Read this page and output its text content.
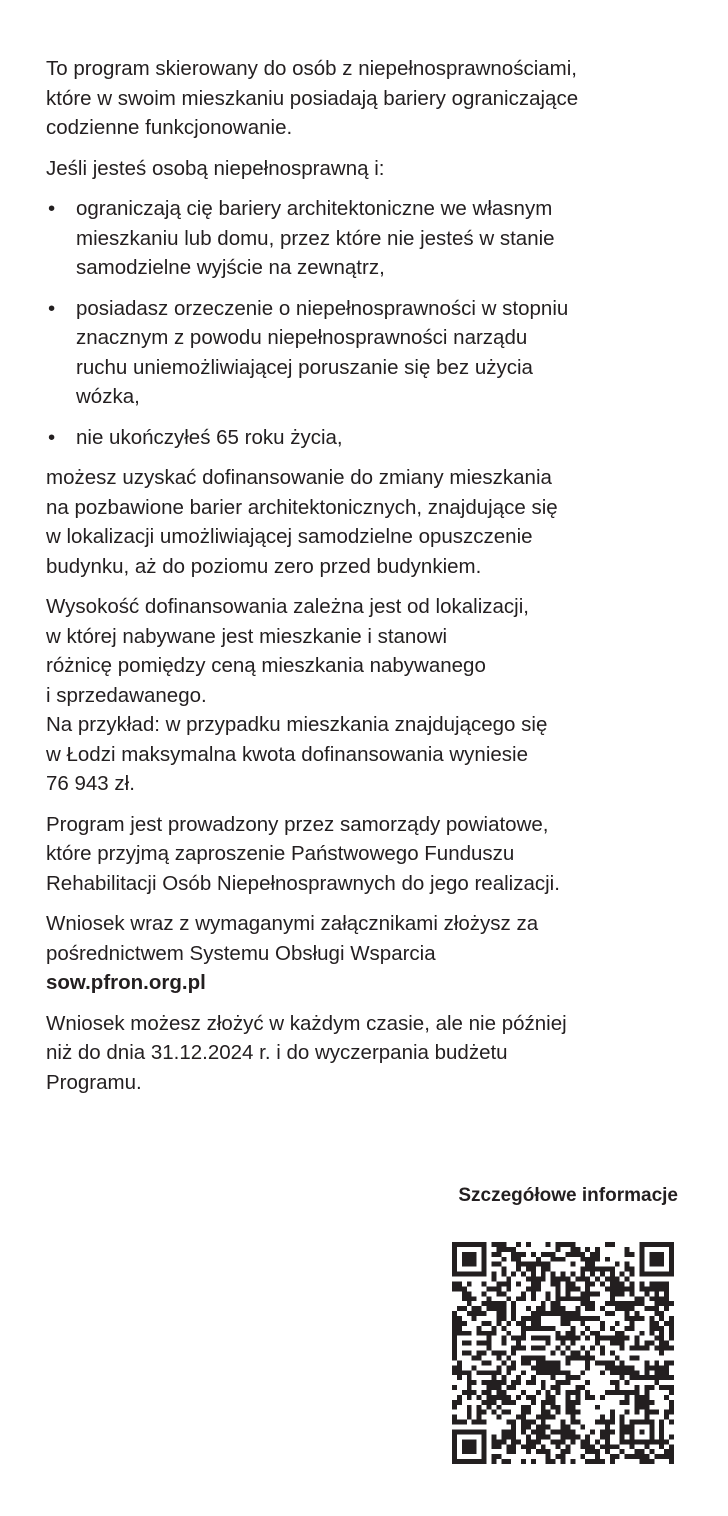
To program skierowany do osób z niepełnosprawnościami,
które w swoim mieszkaniu posiadają bariery ograniczające
codzienne funkcjonowanie.

Jeśli jesteś osobą niepełnosprawną i:

• ograniczają cię bariery architektoniczne we własnym
mieszkaniu lub domu, przez które nie jesteś w stanie
samodzielne wyjście na zewnątrz,

• posiadasz orzeczenie o niepełnosprawności w stopniu
znacznym z powodu niepełnosprawności narządu
ruchu uniemożliwiającej poruszanie się bez użycia
wózka,

• nie ukończyłeś 65 roku życia,

możesz uzyskać dofinansowanie do zmiany mieszkania
na pozbawione barier architektonicznych, znajdujące się
w lokalizacji umożliwiającej samodzielne opuszczenie
budynku, aż do poziomu zero przed budynkiem.

Wysokość dofinansowania zależna jest od lokalizacji,
w której nabywane jest mieszkanie i stanowi
różnicę pomiędzy ceną mieszkania nabywanego
i sprzedawanego.

Na przykład: w przypadku mieszkania znajdującego się
w Łodzi maksymalna kwota dofinansowania wyniesie
76 943 zł.

Program jest prowadzony przez samorządy powiatowe,
które przyjmą zaproszenie Państwowego Funduszu
Rehabilitacji Osób Niepełnosprawnych do jego realizacji.

Wniosek wraz z wymaganymi załącznikami złożysz za
pośrednictwem Systemu Obsługi Wsparcia

sow.pfron.org.pl

Wniosek możesz złożyć w każdym czasie, ale nie później
niż do dnia 31.12.2024 r. i do wyczerpania budżetu
Programu.

Szczegółowe informacje
